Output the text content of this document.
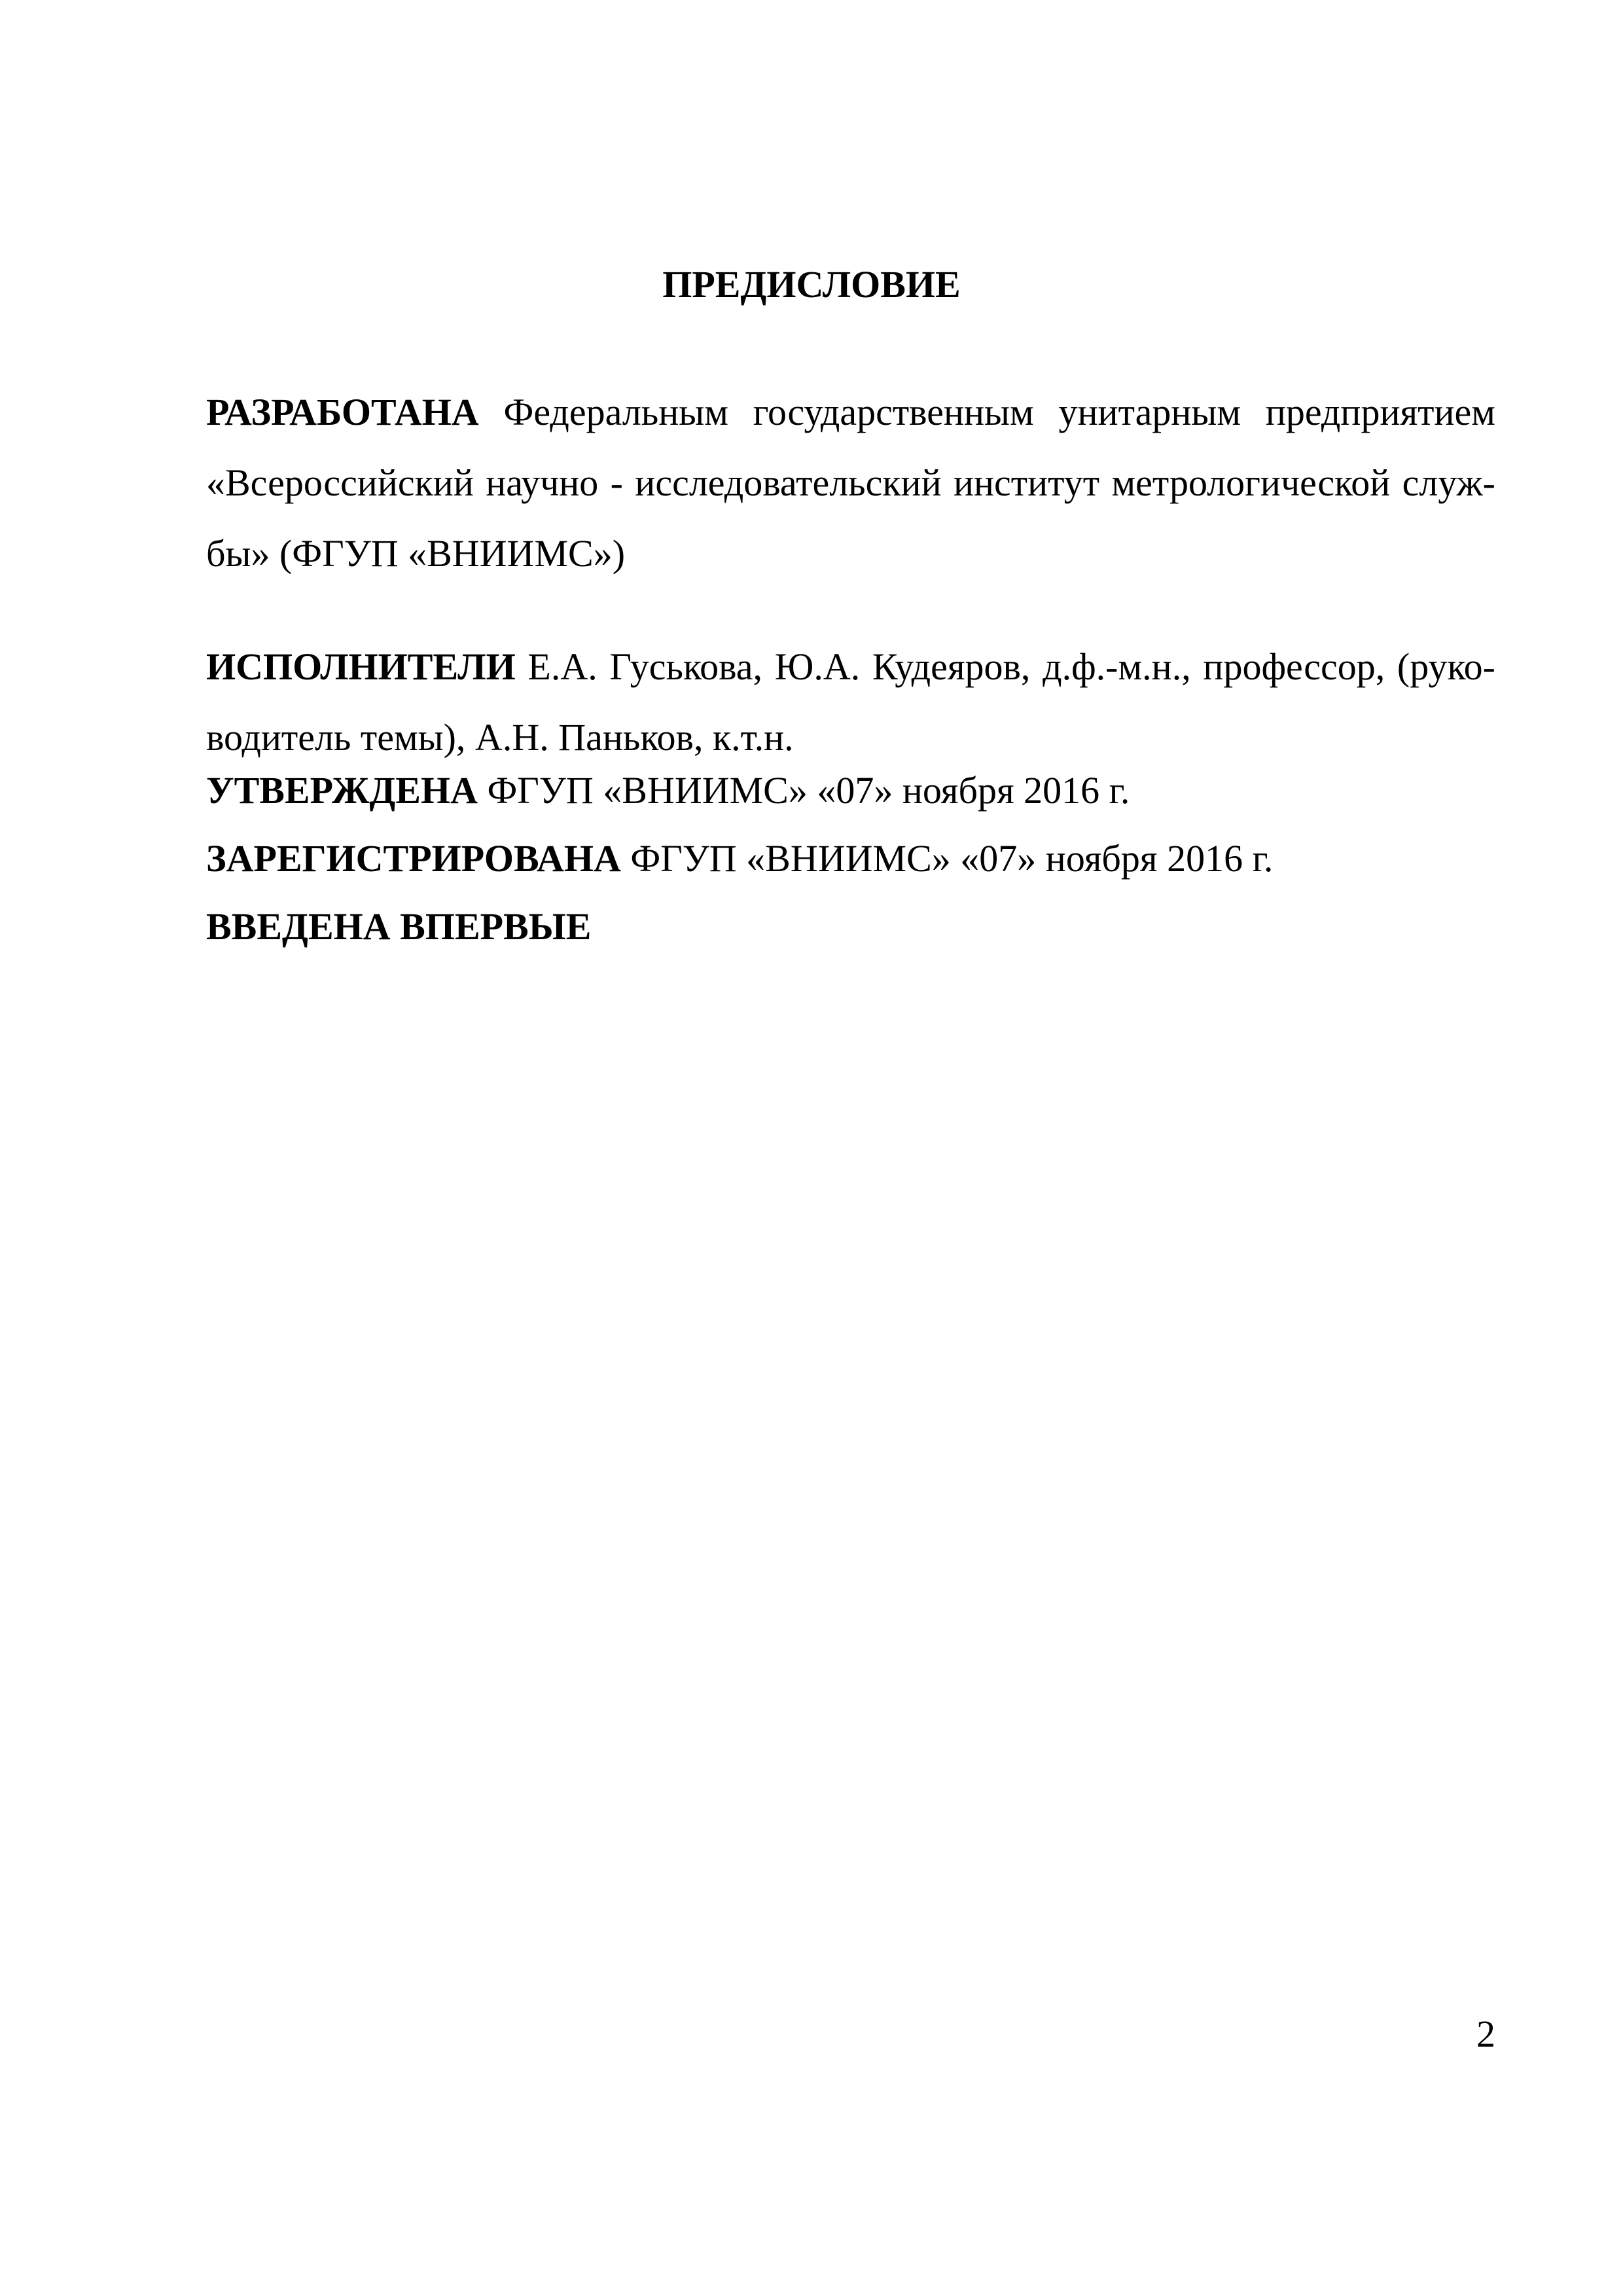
ПРЕДИСЛОВИЕ

РАЗРАБОТАНА Федеральным государственным унитарным предприятием «Всероссийский научно - исследовательский институт метрологической служ-бы» (ФГУП «ВНИИМС»)

ИСПОЛНИТЕЛИ Е.А. Гуськова, Ю.А. Кудеяров, д.ф.-м.н., профессор, (руко-водитель темы), А.Н. Паньков, к.т.н.

УТВЕРЖДЕНА ФГУП «ВНИИМС» «07» ноября 2016 г.

ЗАРЕГИСТРИРОВАНА ФГУП «ВНИИМС» «07» ноября 2016 г.

ВВЕДЕНА ВПЕРВЫЕ

2
